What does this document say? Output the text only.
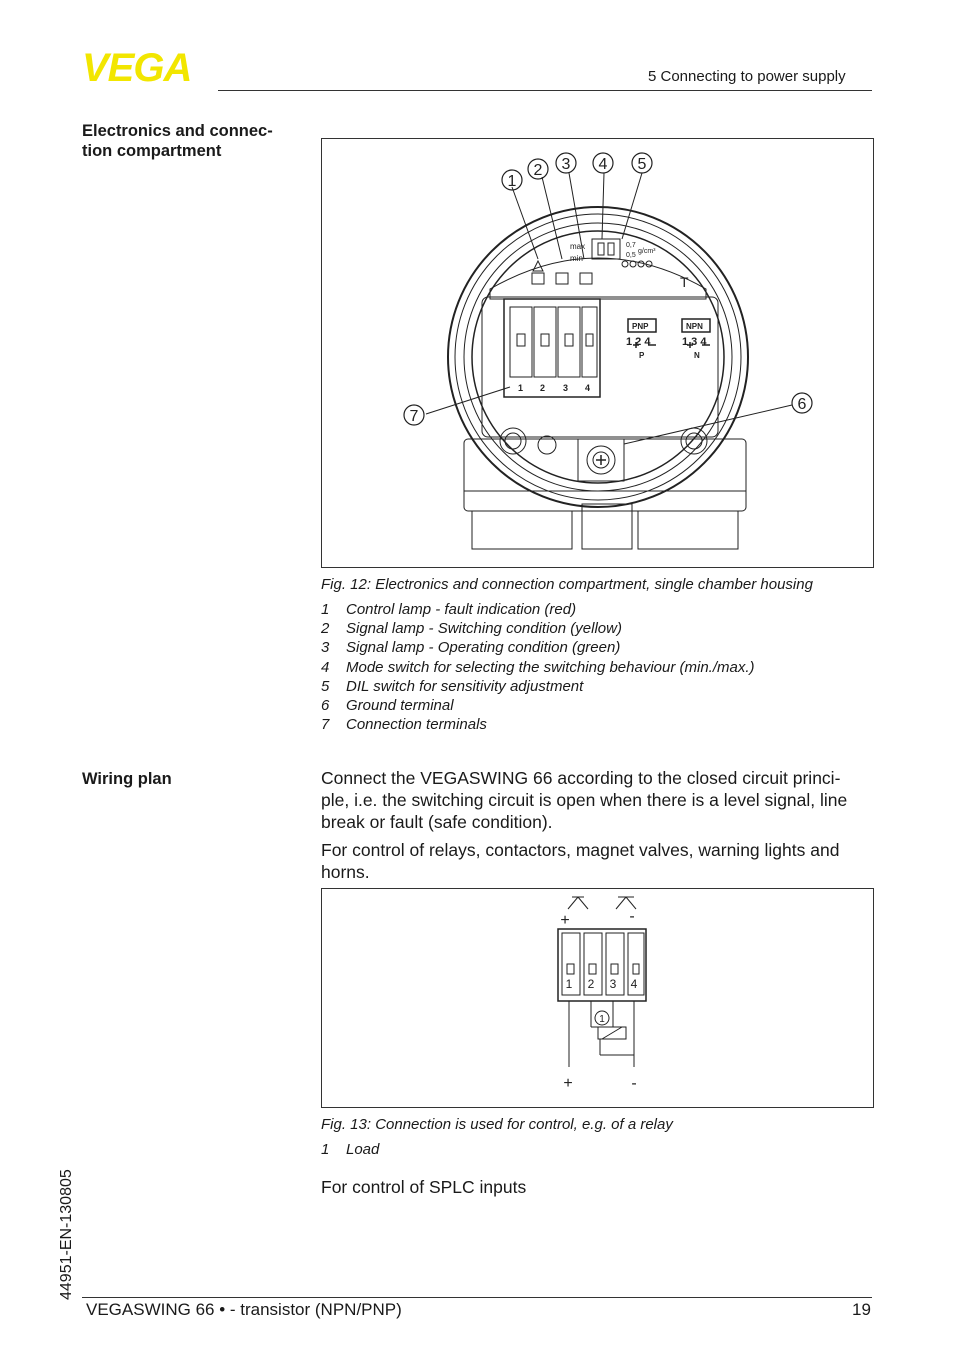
VEGA	5 Connecting to power supply
Electronics and connec-
tion compartment
1
2 3 4 5
6
7
max
min
0,7
0,5
g/cm³
T
PNP	NPN
1 2 4	1 3 4
P	N
1 2 3 4
Fig. 12: Electronics and connection compartment, single chamber housing
1 Control lamp - fault indication (red)
2 Signal lamp - Switching condition (yellow)
3 Signal lamp - Operating condition (green)
4 Mode switch for selecting the switching behaviour (min./max.)
5 DIL switch for sensitivity adjustment
6 Ground terminal
7 Connection terminals
Wiring plan	Connect the VEGASWING 66 according to the closed circuit princi-
ple, i.e. the switching circuit is open when there is a level signal, line
break or fault (safe condition).
For control of relays, contactors, magnet valves, warning lights and
horns.
+	-
1 2 3 4
1
+	-
Fig. 13: Connection is used for control, e.g. of a relay
1 Load
For control of SPLC inputs
44951-EN-130805
VEGASWING 66 • - transistor (NPN/PNP)	19
